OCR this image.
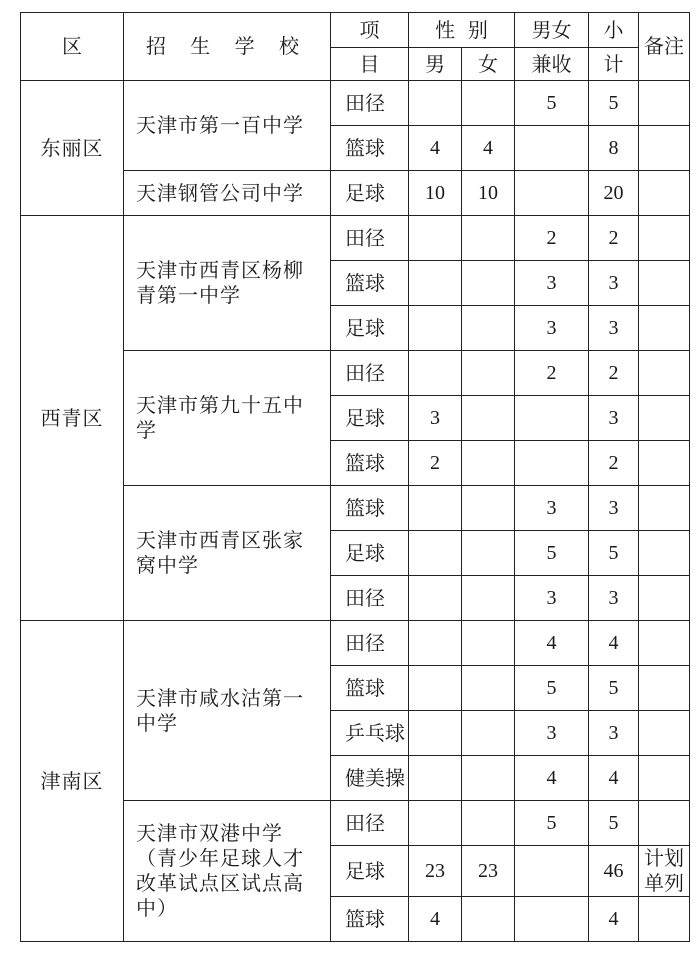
区	招 生 学 校	项	性  别		男女	小	备注
		目	男	女	兼收	计	
东丽区	天津市第一百中学	田径			5	5	
		篮球	4	4		8	
	天津钢管公司中学	足球	10	10		20	
西青区	天津市西青区杨柳青第一中学	田径			2	2	
		篮球			3	3	
		足球			3	3	
	天津市第九十五中学	田径			2	2	
		足球	3			3	
		篮球	2			2	
	天津市西青区张家窝中学	篮球			3	3	
		足球			5	5	
		田径			3	3	
津南区	天津市咸水沽第一中学	田径			4	4	
		篮球			5	5	
		乒乓球			3	3	
		健美操			4	4	
	天津市双港中学（青少年足球人才改革试点区试点高中）	田径			5	5	
		足球	23	23		46	计划单列
		篮球	4			4	
